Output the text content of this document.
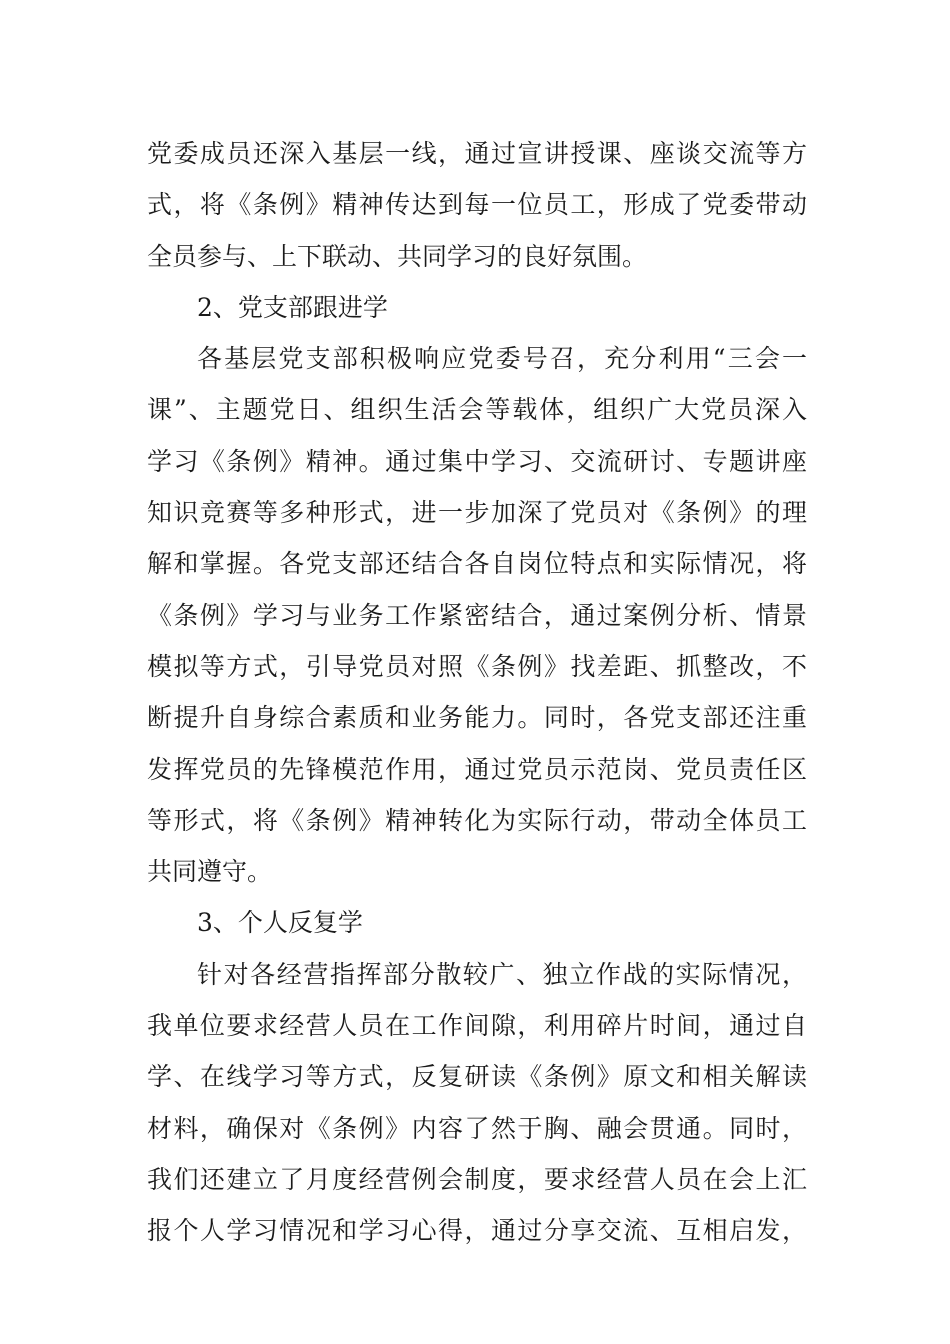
党委成员还深入基层一线，通过宣讲授课、座谈交流等方
式，将《条例》精神传达到每一位员工，形成了党委带动
全员参与、上下联动、共同学习的良好氛围。
2、党支部跟进学
各基层党支部积极响应党委号召，充分利用“三会一
课”、主题党日、组织生活会等载体，组织广大党员深入
学习《条例》精神。通过集中学习、交流研讨、专题讲座
知识竞赛等多种形式，进一步加深了党员对《条例》的理
解和掌握。各党支部还结合各自岗位特点和实际情况，将
《条例》学习与业务工作紧密结合，通过案例分析、情景
模拟等方式，引导党员对照《条例》找差距、抓整改，不
断提升自身综合素质和业务能力。同时，各党支部还注重
发挥党员的先锋模范作用，通过党员示范岗、党员责任区
等形式，将《条例》精神转化为实际行动，带动全体员工
共同遵守。
3、个人反复学
针对各经营指挥部分散较广、独立作战的实际情况，
我单位要求经营人员在工作间隙，利用碎片时间，通过自
学、在线学习等方式，反复研读《条例》原文和相关解读
材料，确保对《条例》内容了然于胸、融会贯通。同时，
我们还建立了月度经营例会制度，要求经营人员在会上汇
报个人学习情况和学习心得，通过分享交流、互相启发，
